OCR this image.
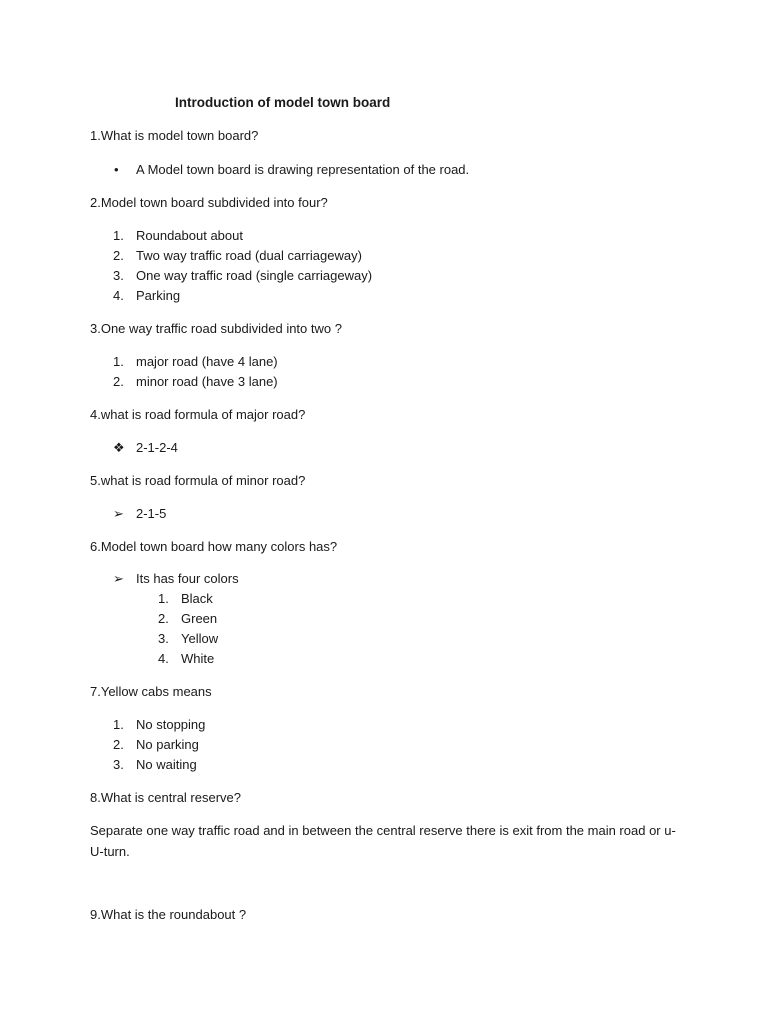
Introduction of model town board
1.What is model town board?
• A Model town board is drawing representation of the road.
2.Model town board subdivided into four?
1. Roundabout about
2. Two way traffic road (dual carriageway)
3. One way traffic road (single carriageway)
4. Parking
3.One way traffic road subdivided into two ?
1. major road (have 4 lane)
2. minor road (have 3 lane)
4.what is road formula of major road?
❖ 2-1-2-4
5.what is road formula of minor road?
➢ 2-1-5
6.Model town board how many colors has?
➢ Its has four colors
1. Black
2. Green
3. Yellow
4. White
7.Yellow cabs means
1. No stopping
2. No parking
3. No waiting
8.What is central reserve?
Separate one way traffic road and in between the central reserve there is exit from the main road or u-U-turn.
9.What is the roundabout ?
